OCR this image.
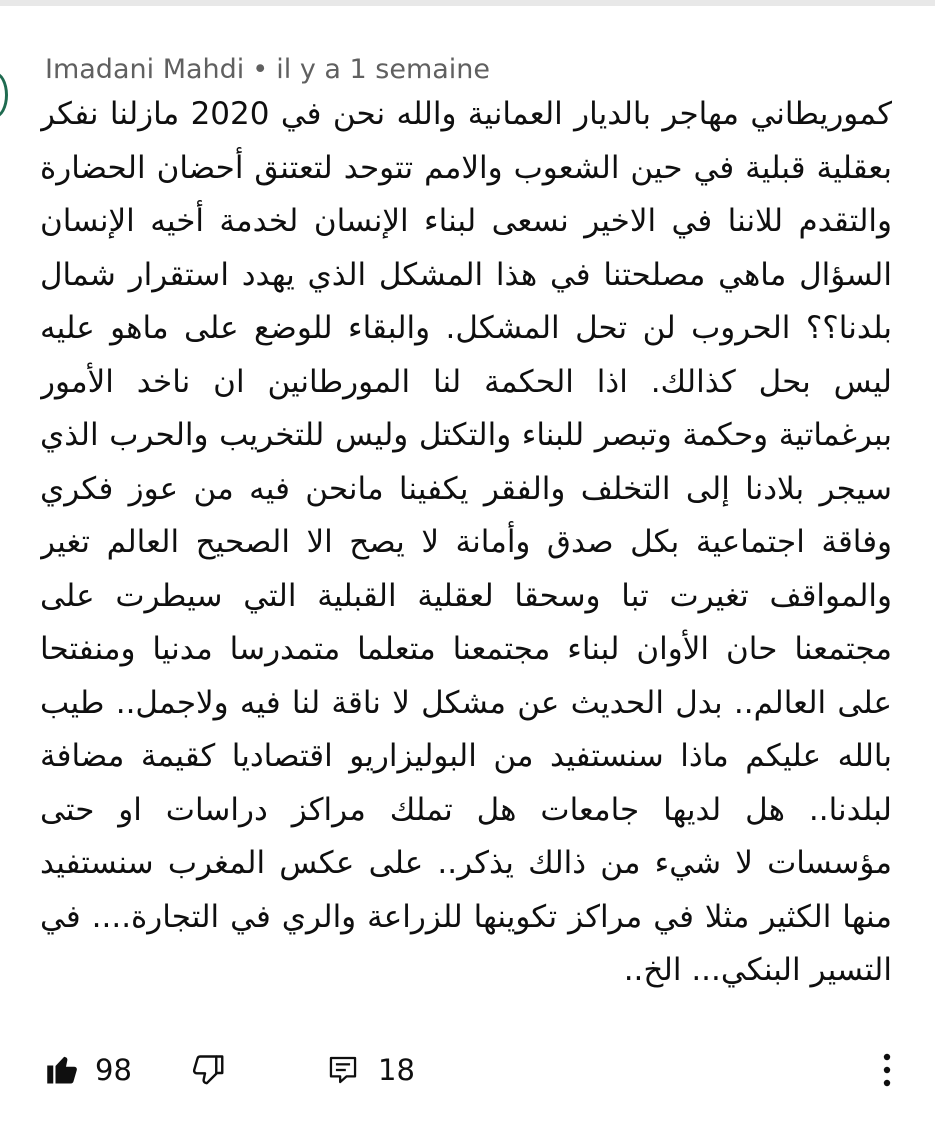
Imadani Mahdi • il y a 1 semaine

كموريطاني مهاجر بالديار العمانية والله نحن في 2020 مازلنا نفكر بعقلية قبلية في حين الشعوب والامم تتوحد لتعتنق أحضان الحضارة والتقدم للاننا في الاخير نسعى لبناء الإنسان لخدمة أخيه الإنسان السؤال ماهي مصلحتنا في هذا المشكل الذي يهدد استقرار شمال بلدنا؟؟ الحروب لن تحل المشكل. والبقاء للوضع على ماهو عليه ليس بحل كذالك. اذا الحكمة لنا المورطانين ان ناخد الأمور ببرغماتية وحكمة وتبصر للبناء والتكتل وليس للتخريب والحرب الذي سيجر بلادنا إلى التخلف والفقر يكفينا مانحن فيه من عوز فكري وفاقة اجتماعية بكل صدق وأمانة لا يصح الا الصحيح العالم تغير والمواقف تغيرت تبا وسحقا لعقلية القبلية التي سيطرت على مجتمعنا حان الأوان لبناء مجتمعنا متعلما متمدرسا مدنيا ومنفتحا على العالم.. بدل الحديث عن مشكل لا ناقة لنا فيه ولاجمل.. طيب بالله عليكم ماذا سنستفيد من البوليزاريو اقتصاديا كقيمة مضافة لبلدنا.. هل لديها جامعات هل تملك مراكز دراسات او حتى مؤسسات لا شيء من ذالك يذكر.. على عكس المغرب سنستفيد منها الكثير مثلا في مراكز تكوينها للزراعة والري في التجارة.... في التسير البنكي... الخ..

98	18
